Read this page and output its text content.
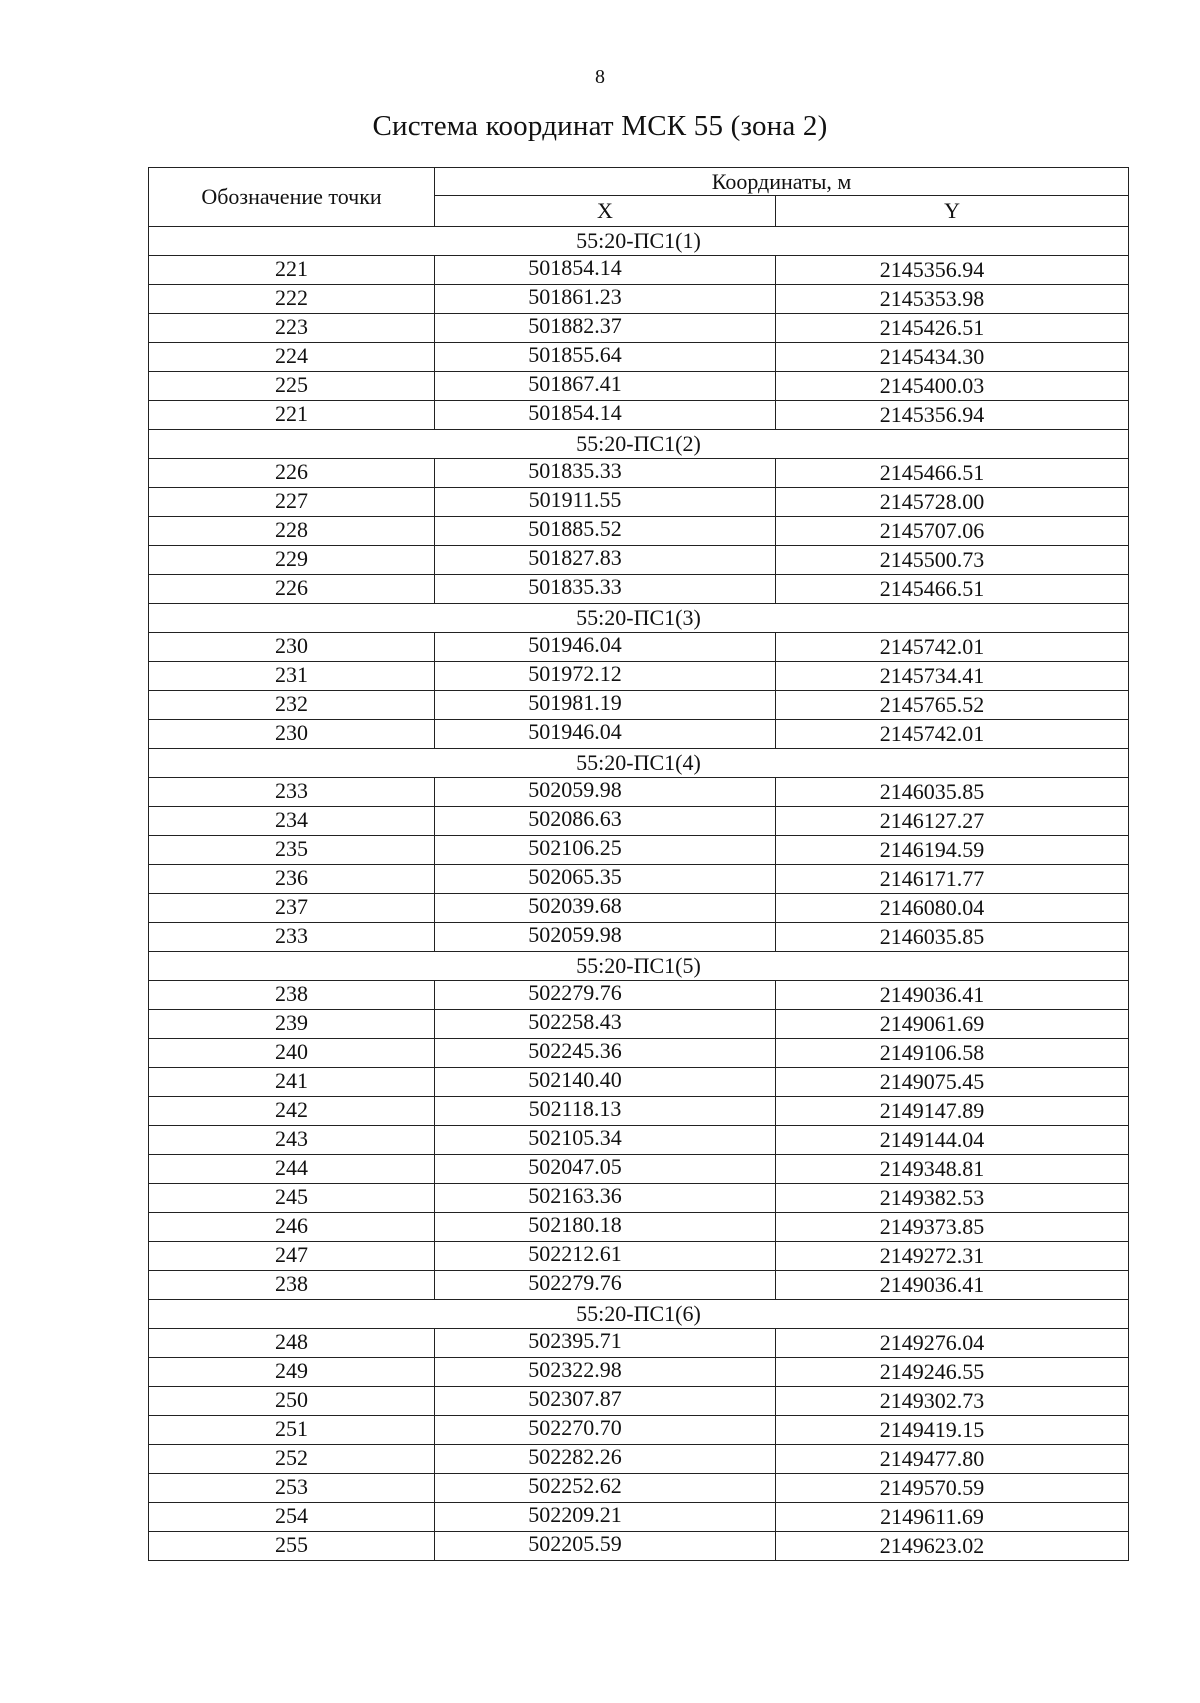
8
Система координат МСК 55 (зона 2)
Обозначение точки	Координаты, м	
	X	Y
55:20-ПС1(1)		
221	501854.14	2145356.94
222	501861.23	2145353.98
223	501882.37	2145426.51
224	501855.64	2145434.30
225	501867.41	2145400.03
221	501854.14	2145356.94
55:20-ПС1(2)		
226	501835.33	2145466.51
227	501911.55	2145728.00
228	501885.52	2145707.06
229	501827.83	2145500.73
226	501835.33	2145466.51
55:20-ПС1(3)		
230	501946.04	2145742.01
231	501972.12	2145734.41
232	501981.19	2145765.52
230	501946.04	2145742.01
55:20-ПС1(4)		
233	502059.98	2146035.85
234	502086.63	2146127.27
235	502106.25	2146194.59
236	502065.35	2146171.77
237	502039.68	2146080.04
233	502059.98	2146035.85
55:20-ПС1(5)		
238	502279.76	2149036.41
239	502258.43	2149061.69
240	502245.36	2149106.58
241	502140.40	2149075.45
242	502118.13	2149147.89
243	502105.34	2149144.04
244	502047.05	2149348.81
245	502163.36	2149382.53
246	502180.18	2149373.85
247	502212.61	2149272.31
238	502279.76	2149036.41
55:20-ПС1(6)		
248	502395.71	2149276.04
249	502322.98	2149246.55
250	502307.87	2149302.73
251	502270.70	2149419.15
252	502282.26	2149477.80
253	502252.62	2149570.59
254	502209.21	2149611.69
255	502205.59	2149623.02
